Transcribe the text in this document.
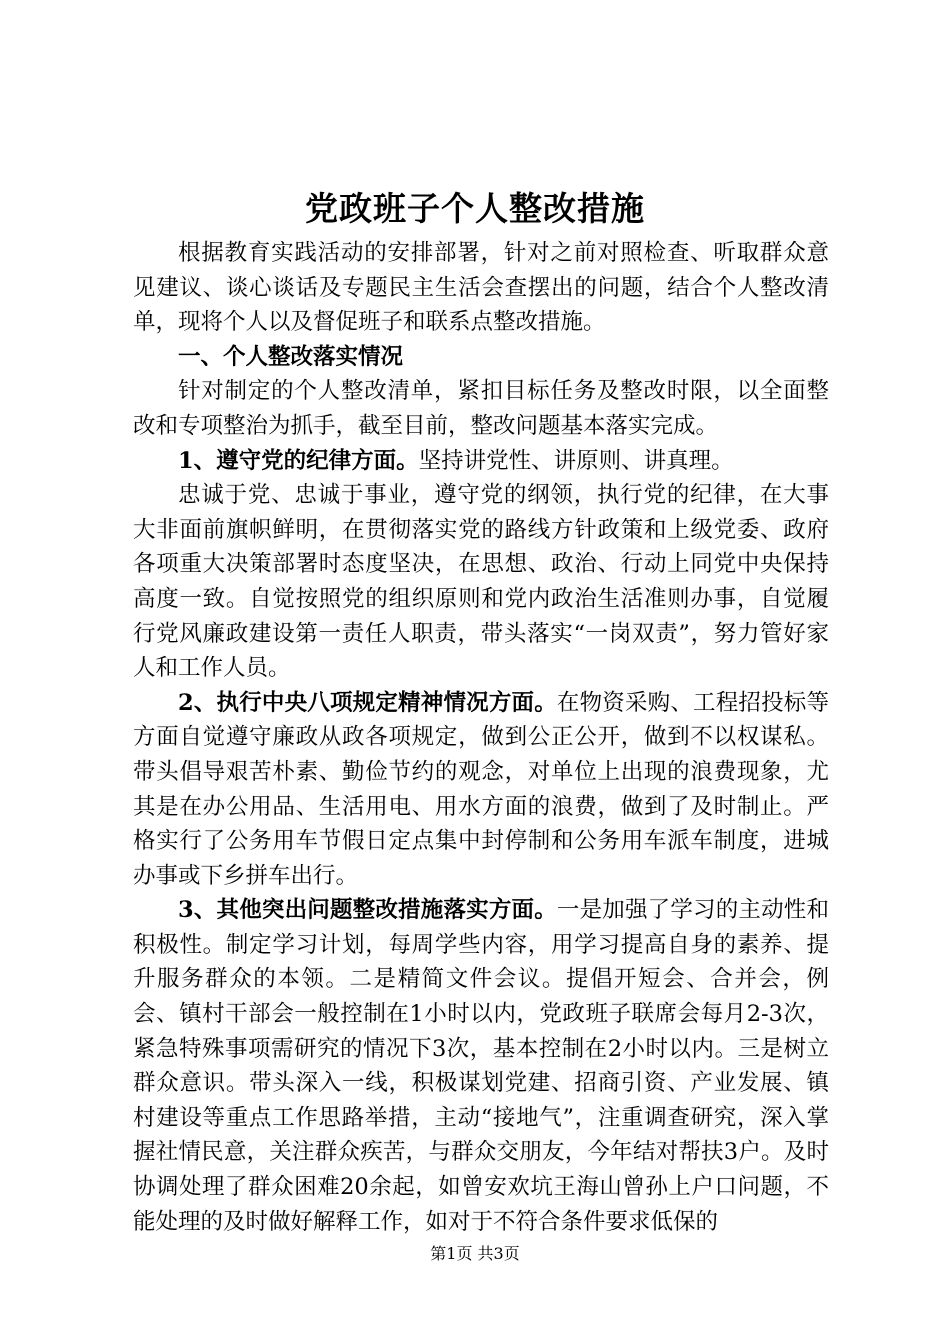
党政班子个人整改措施

根据教育实践活动的安排部署，针对之前对照检查、听取群众意见建议、谈心谈话及专题民主生活会查摆出的问题，结合个人整改清单，现将个人以及督促班子和联系点整改措施。

一、个人整改落实情况

针对制定的个人整改清单，紧扣目标任务及整改时限，以全面整改和专项整治为抓手，截至目前，整改问题基本落实完成。

1、遵守党的纪律方面。坚持讲党性、讲原则、讲真理。

忠诚于党、忠诚于事业，遵守党的纲领，执行党的纪律，在大事大非面前旗帜鲜明，在贯彻落实党的路线方针政策和上级党委、政府各项重大决策部署时态度坚决，在思想、政治、行动上同党中央保持高度一致。自觉按照党的组织原则和党内政治生活准则办事，自觉履行党风廉政建设第一责任人职责，带头落实“一岗双责”，努力管好家人和工作人员。

2、执行中央八项规定精神情况方面。在物资采购、工程招投标等方面自觉遵守廉政从政各项规定，做到公正公开，做到不以权谋私。带头倡导艰苦朴素、勤俭节约的观念，对单位上出现的浪费现象，尤其是在办公用品、生活用电、用水方面的浪费，做到了及时制止。严格实行了公务用车节假日定点集中封停制和公务用车派车制度，进城办事或下乡拼车出行。

3、其他突出问题整改措施落实方面。一是加强了学习的主动性和积极性。制定学习计划，每周学些内容，用学习提高自身的素养、提升服务群众的本领。二是精简文件会议。提倡开短会、合并会，例会、镇村干部会一般控制在1小时以内，党政班子联席会每月2-3次，紧急特殊事项需研究的情况下3次，基本控制在2小时以内。三是树立群众意识。带头深入一线，积极谋划党建、招商引资、产业发展、镇村建设等重点工作思路举措，主动“接地气”，注重调查研究，深入掌握社情民意，关注群众疾苦，与群众交朋友，今年结对帮扶3户。及时协调处理了群众困难20余起，如曾安欢坑王海山曾孙上户口问题，不能处理的及时做好解释工作，如对于不符合条件要求低保的

第1页 共3页
